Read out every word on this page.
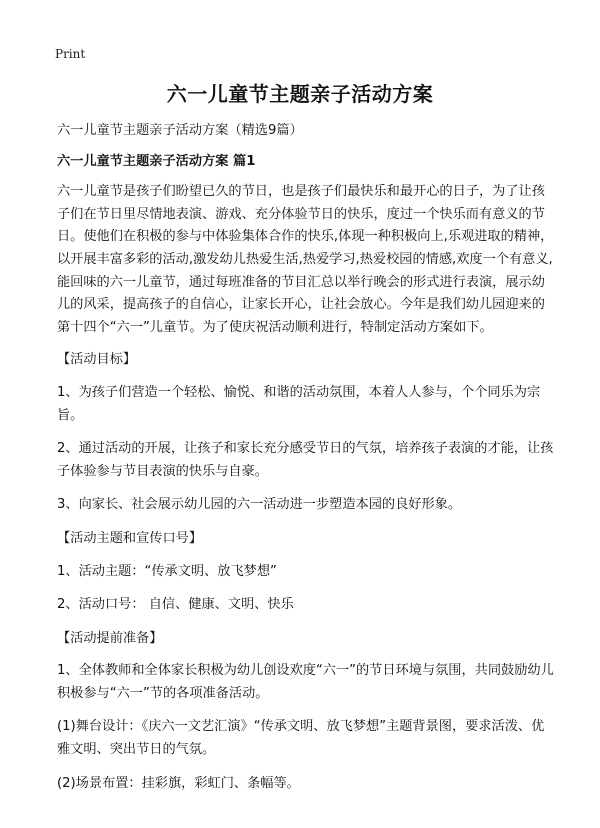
Print
六一儿童节主题亲子活动方案

六一儿童节主题亲子活动方案（精选9篇）

六一儿童节主题亲子活动方案 篇1

六一儿童节是孩子们盼望已久的节日，也是孩子们最快乐和最开心的日子，为了让孩子们在节日里尽情地表演、游戏、充分体验节日的快乐，度过一个快乐而有意义的节日。使他们在积极的参与中体验集体合作的快乐,体现一种积极向上,乐观进取的精神，以开展丰富多彩的活动,激发幼儿热爱生活,热爱学习,热爱校园的情感,欢度一个有意义,能回味的六一儿童节，通过每班准备的节目汇总以举行晚会的形式进行表演，展示幼儿的风采，提高孩子的自信心，让家长开心，让社会放心。今年是我们幼儿园迎来的第十四个“六一”儿童节。为了使庆祝活动顺利进行，特制定活动方案如下。

【活动目标】

1、为孩子们营造一个轻松、愉悦、和谐的活动氛围，本着人人参与，个个同乐为宗旨。

2、通过活动的开展，让孩子和家长充分感受节日的气氛，培养孩子表演的才能，让孩子体验参与节目表演的快乐与自豪。

3、向家长、社会展示幼儿园的六一活动进一步塑造本园的良好形象。

【活动主题和宣传口号】

1、活动主题：“传承文明、放飞梦想”

2、活动口号： 自信、健康、文明、快乐

【活动提前准备】

1、全体教师和全体家长积极为幼儿创设欢度“六一”的节日环境与氛围，共同鼓励幼儿积极参与“六一”节的各项准备活动。

(1)舞台设计：《庆六一文艺汇演》“传承文明、放飞梦想”主题背景图，要求活泼、优雅文明、突出节日的气氛。

(2)场景布置：挂彩旗，彩虹门、条幅等。
